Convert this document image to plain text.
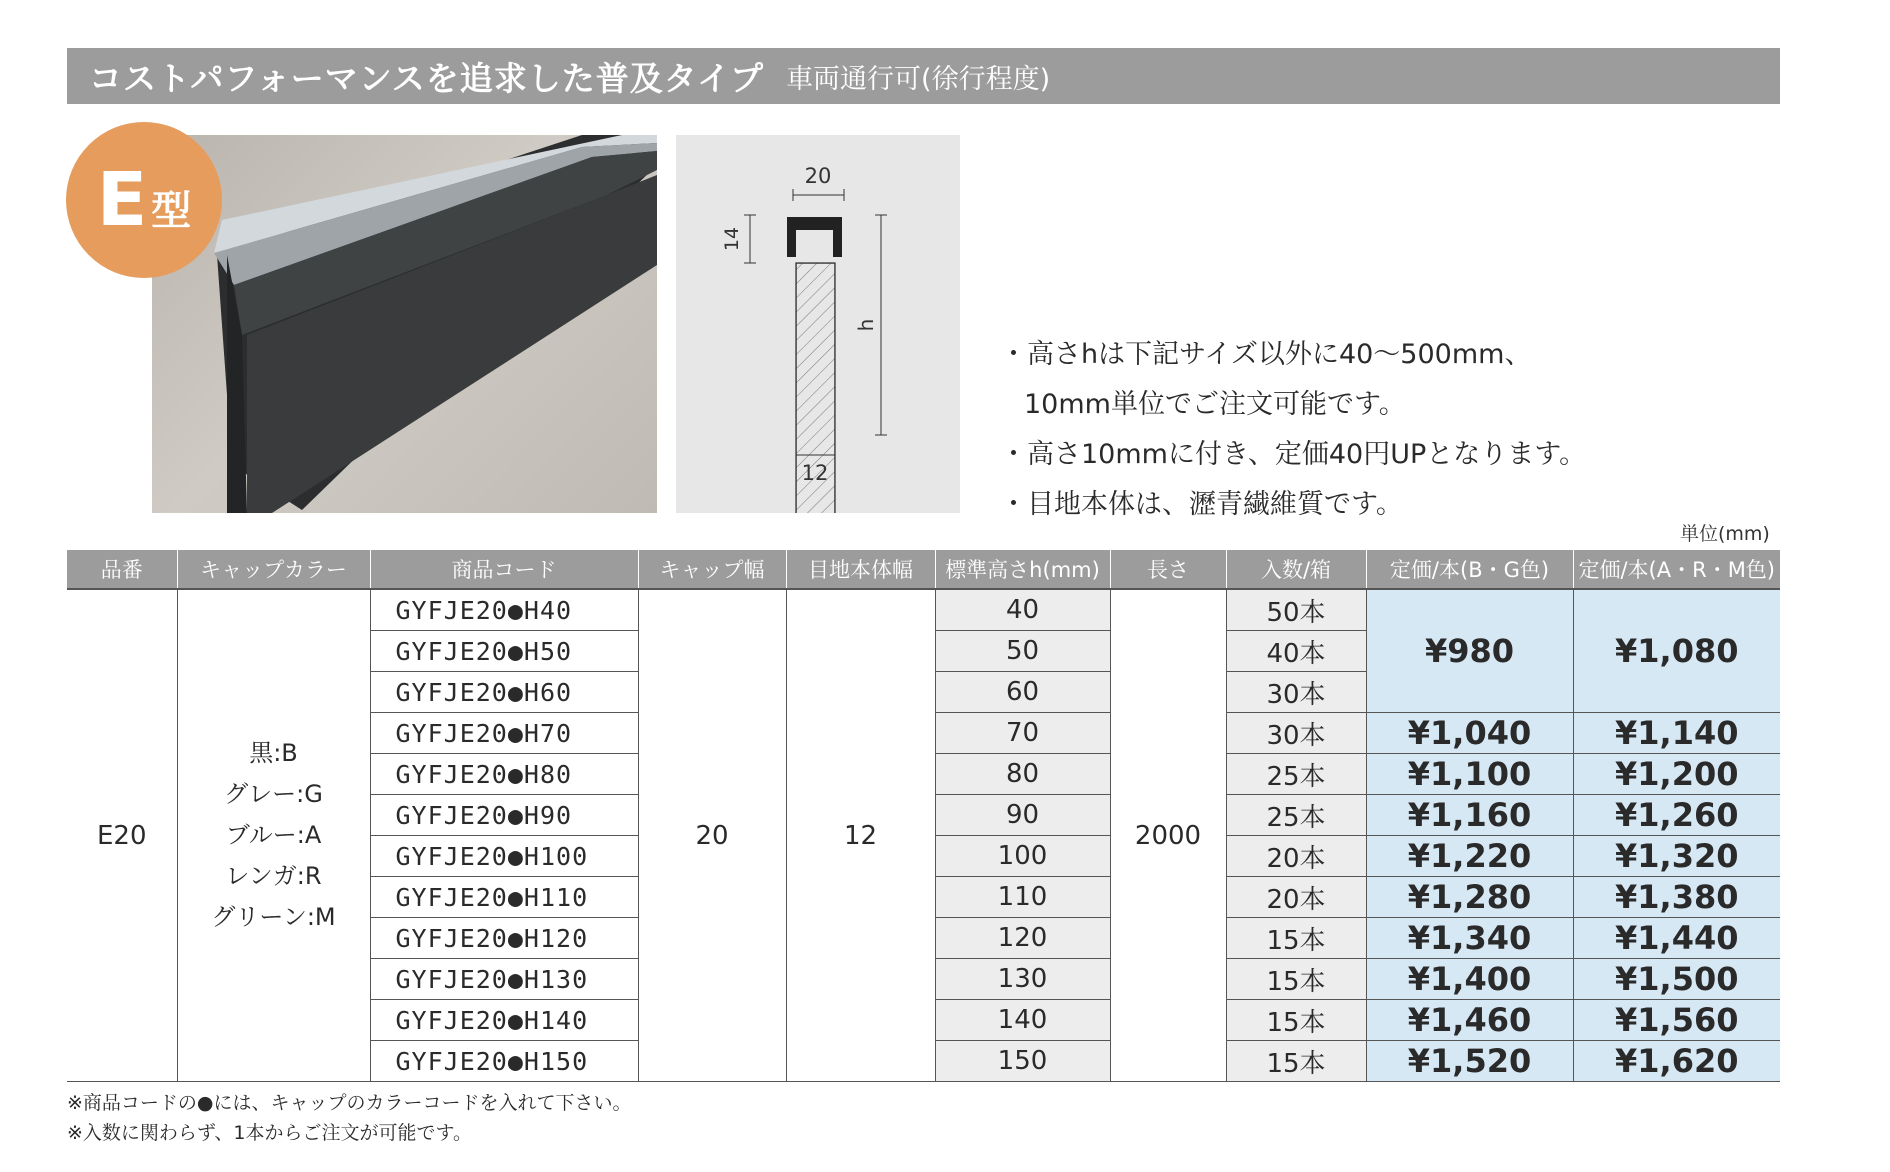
コストパフォーマンスを追求した普及タイプ 車両通行可(徐行程度)
E 型
20
14
h
12
・高さhは下記サイズ以外に40～500mm、
10mm単位でご注文可能です。
・高さ10mmに付き、定価40円UPとなります。
・目地本体は、瀝青繊維質です。
単位(mm)
品番	キャップカラー	商品コード	キャップ幅	目地本体幅	標準高さh(mm)	長さ	入数/箱	定価/本(B・G色)	定価/本(A・R・M色)
E20	黒:B
グレー:G
ブルー:A
レンガ:R
グリーン:M	GYFJE20●H40	20	12	40	2000	50本	¥980	¥1,080
		GYFJE20●H50			50		40本		
		GYFJE20●H60			60		30本		
		GYFJE20●H70			70		30本	¥1,040	¥1,140
		GYFJE20●H80			80		25本	¥1,100	¥1,200
		GYFJE20●H90			90		25本	¥1,160	¥1,260
		GYFJE20●H100			100		20本	¥1,220	¥1,320
		GYFJE20●H110			110		20本	¥1,280	¥1,380
		GYFJE20●H120			120		15本	¥1,340	¥1,440
		GYFJE20●H130			130		15本	¥1,400	¥1,500
		GYFJE20●H140			140		15本	¥1,460	¥1,560
		GYFJE20●H150			150		15本	¥1,520	¥1,620
※商品コードの●には、キャップのカラーコードを入れて下さい。
※入数に関わらず、1本からご注文が可能です。
